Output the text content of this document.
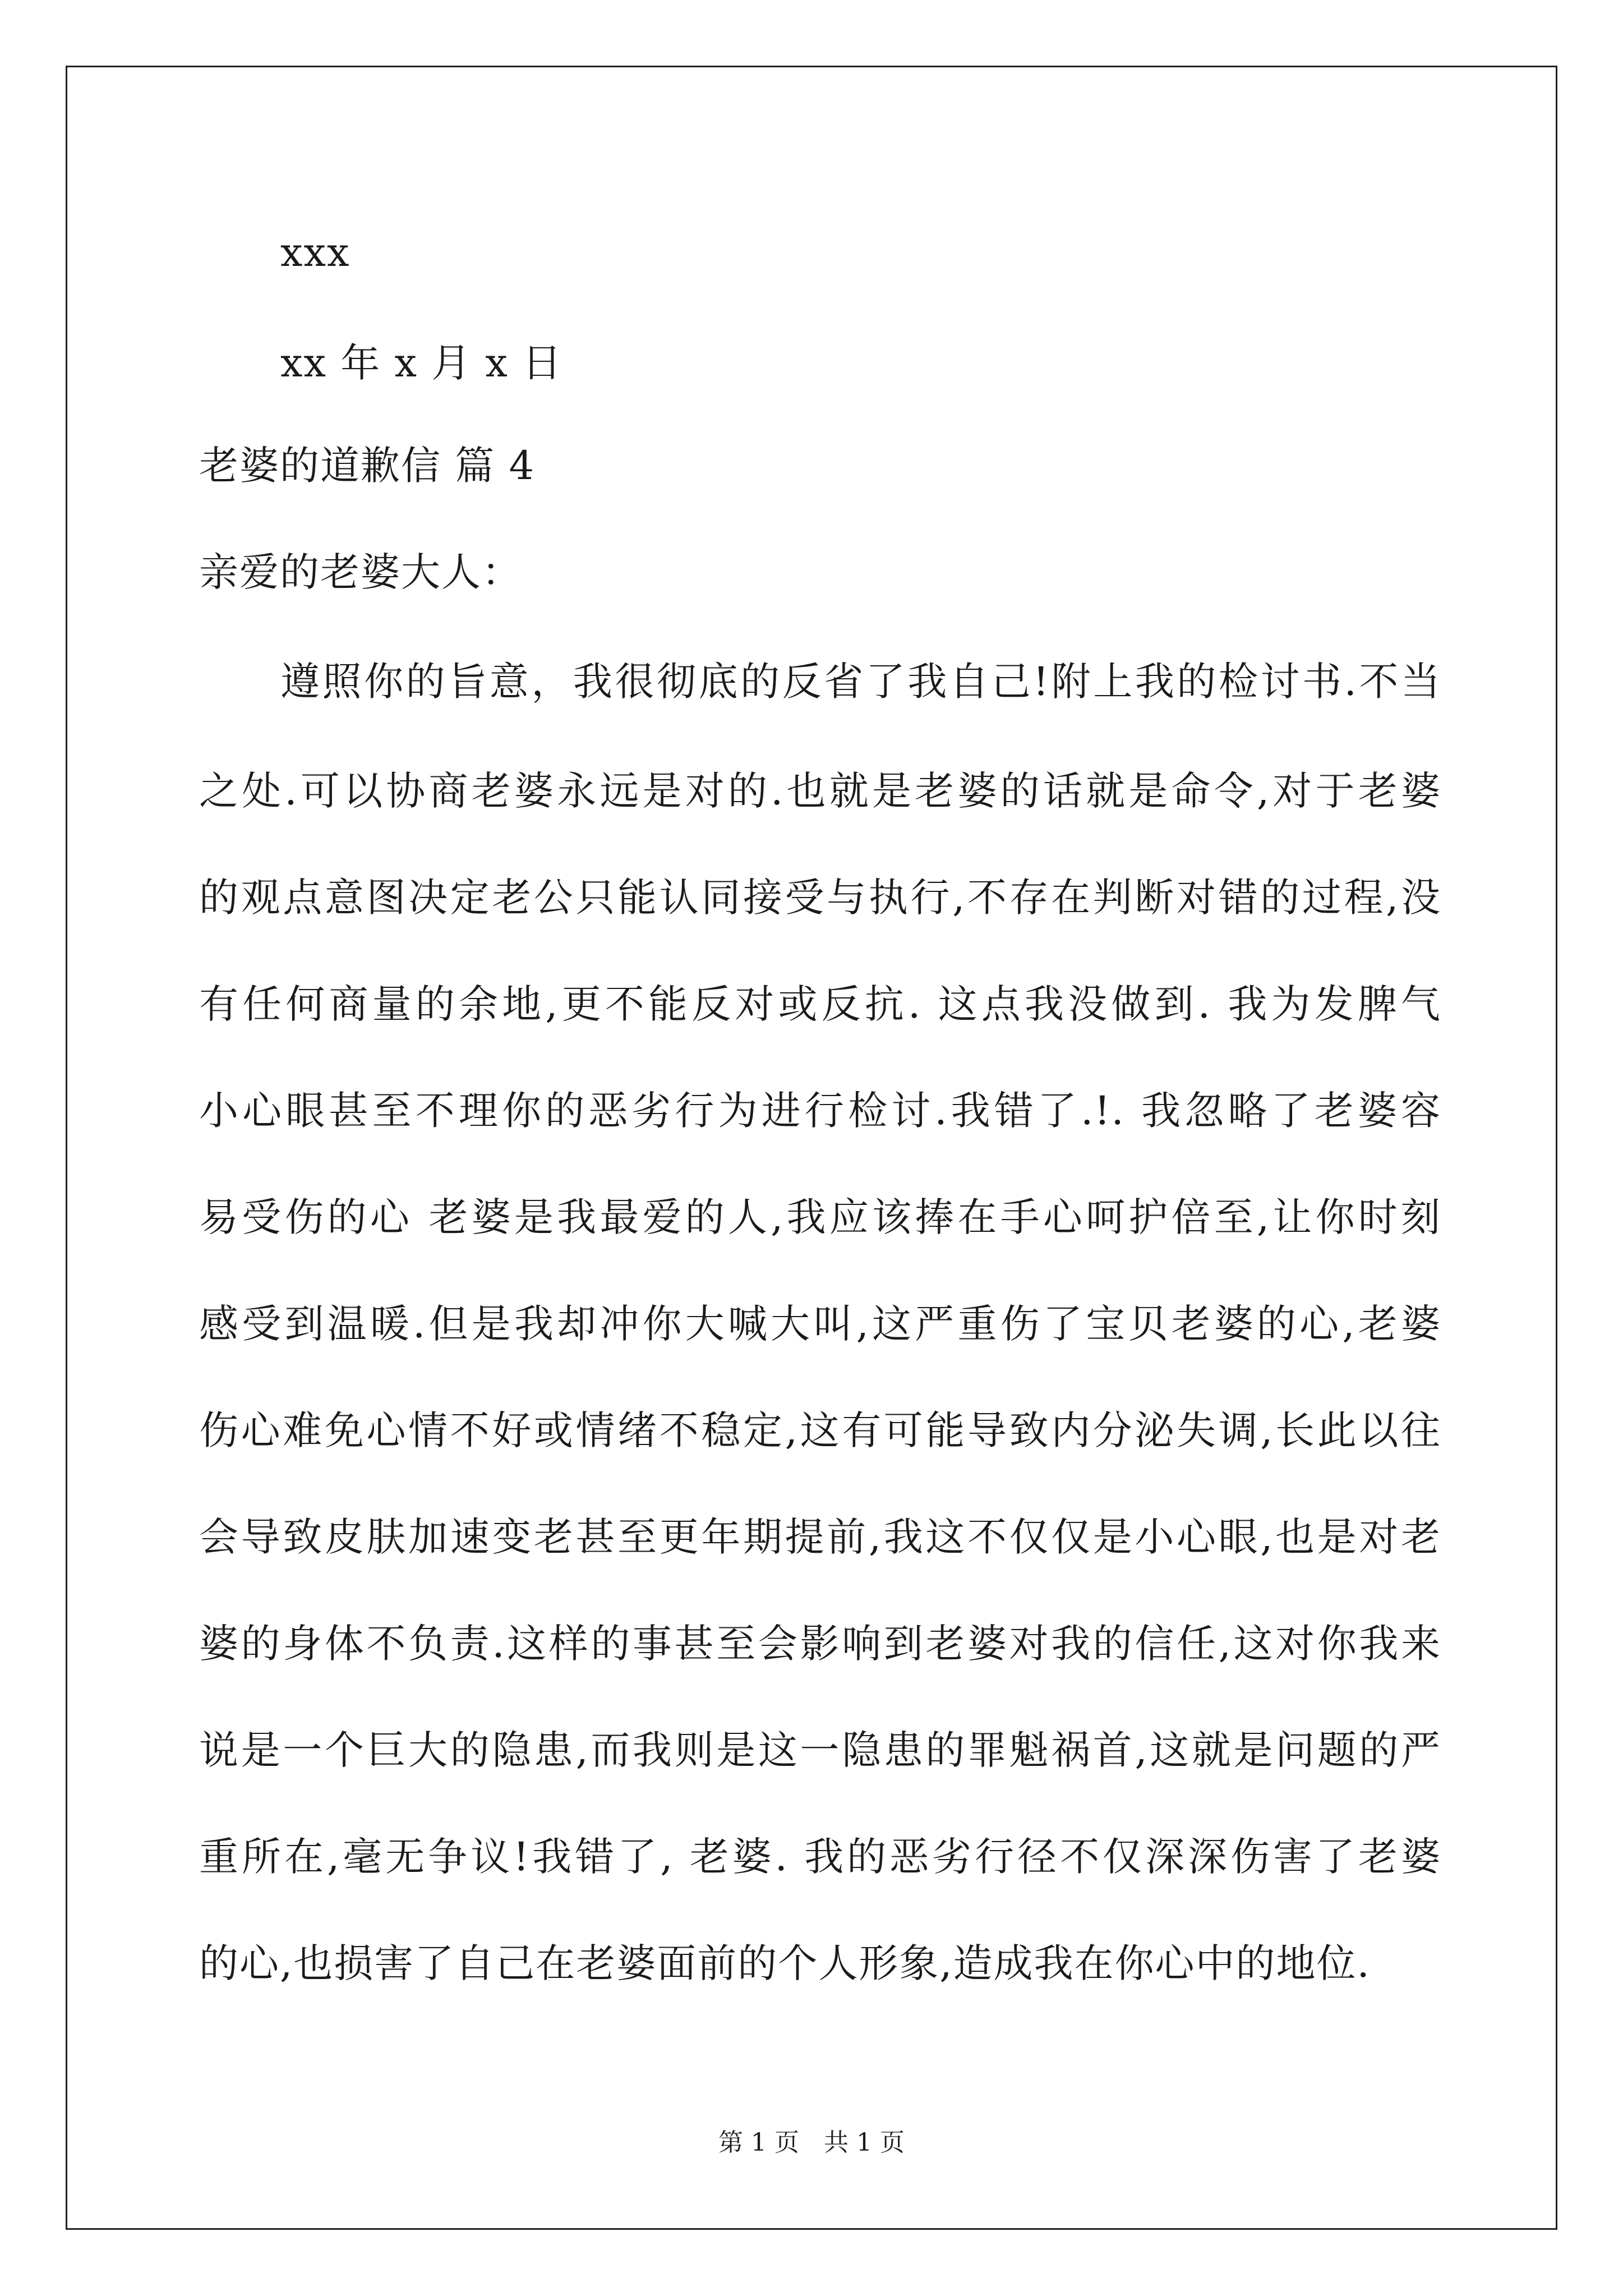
xxx
xx 年 x 月 x 日
老婆的道歉信 篇 4
亲爱的老婆大人：
遵照你的旨意，我很彻底的反省了我自己!附上我的检讨书.不当
之处.可以协商老婆永远是对的.也就是老婆的话就是命令,对于老婆
的观点意图决定老公只能认同接受与执行,不存在判断对错的过程,没
有任何商量的余地,更不能反对或反抗. 这点我没做到. 我为发脾气
小心眼甚至不理你的恶劣行为进行检讨.我错了.!. 我忽略了老婆容
易受伤的心 老婆是我最爱的人,我应该捧在手心呵护倍至,让你时刻
感受到温暖.但是我却冲你大喊大叫,这严重伤了宝贝老婆的心,老婆
伤心难免心情不好或情绪不稳定,这有可能导致内分泌失调,长此以往
会导致皮肤加速变老甚至更年期提前,我这不仅仅是小心眼,也是对老
婆的身体不负责.这样的事甚至会影响到老婆对我的信任,这对你我来
说是一个巨大的隐患,而我则是这一隐患的罪魁祸首,这就是问题的严
重所在,毫无争议!我错了, 老婆. 我的恶劣行径不仅深深伤害了老婆
的心,也损害了自己在老婆面前的个人形象,造成我在你心中的地位.
第 1 页　共 1 页
